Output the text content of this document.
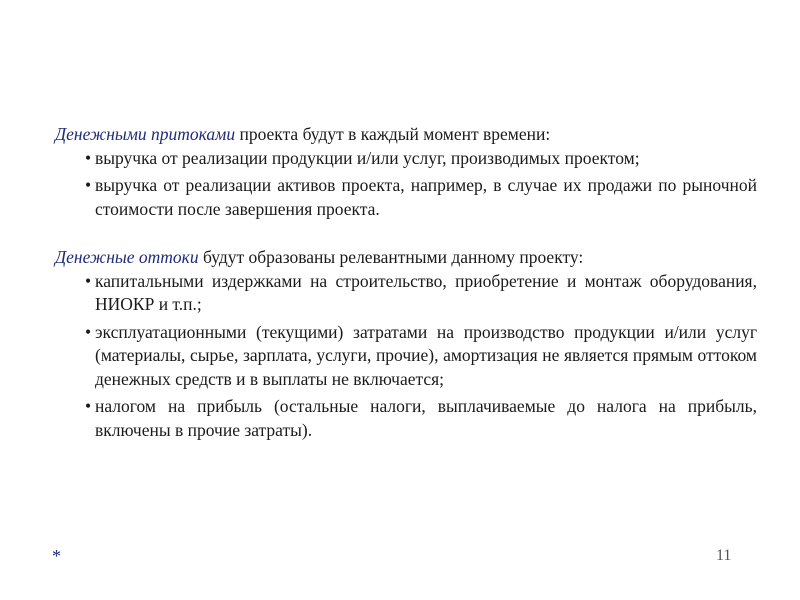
Денежными притоками проекта будут в каждый момент времени:

• выручка от реализации продукции и/или услуг, производимых проектом;
• выручка от реализации активов проекта, например, в случае их продажи по рыночной стоимости после завершения проекта.

Денежные оттоки будут образованы релевантными данному проекту:

• капитальными издержками на строительство, приобретение и монтаж оборудования, НИОКР и т.п.;
• эксплуатационными (текущими) затратами на производство продукции и/или услуг (материалы, сырье, зарплата, услуги, прочие), амортизация не является прямым оттоком денежных средств и в выплаты не включается;
• налогом на прибыль (остальные налоги, выплачиваемые до налога на прибыль, включены в прочие затраты).
*	11
